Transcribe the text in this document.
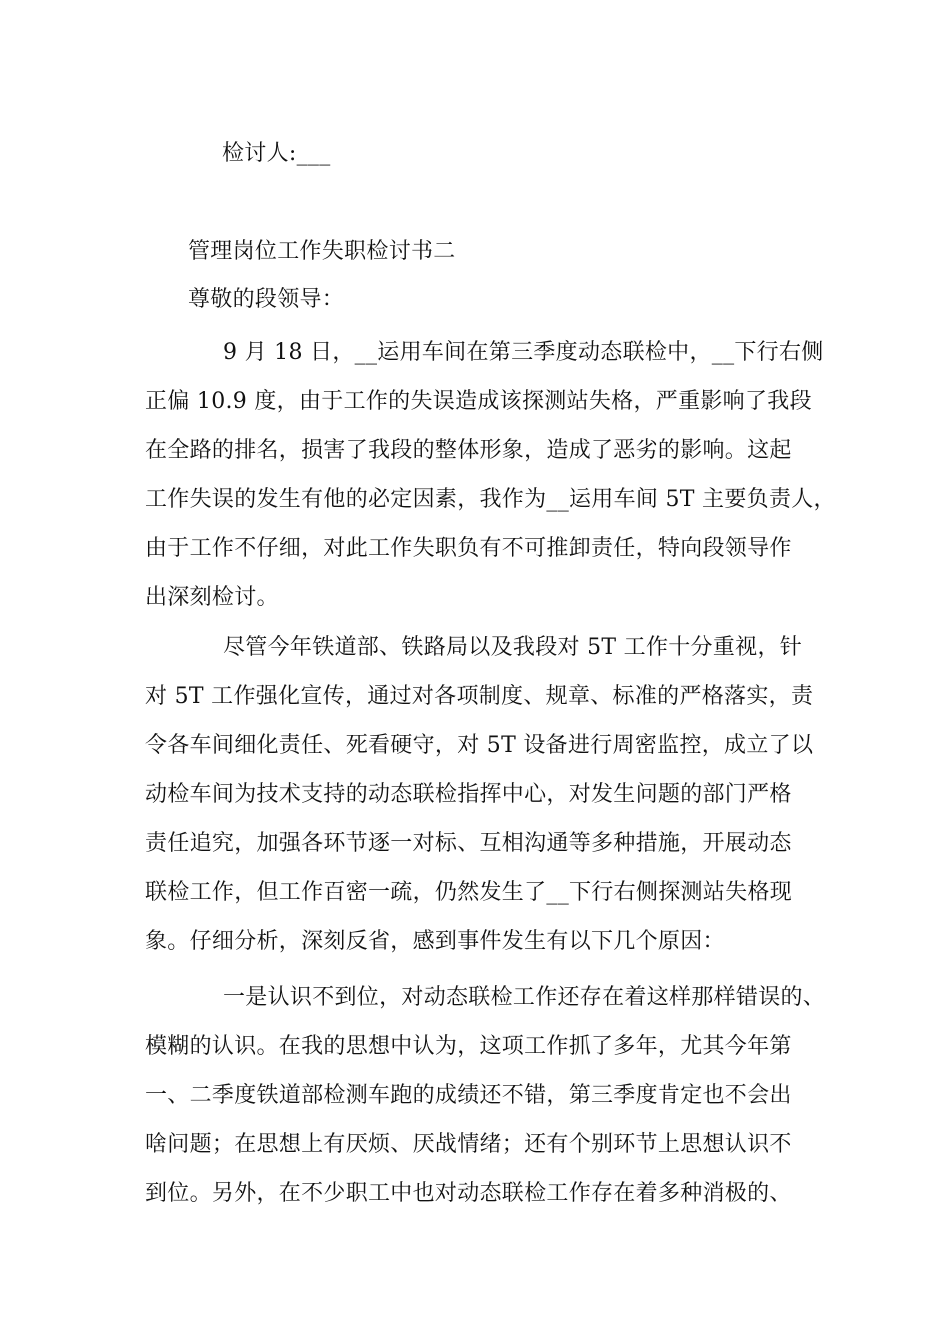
检讨人:___
管理岗位工作失职检讨书二
尊敬的段领导：
9 月 18 日，__运用车间在第三季度动态联检中，__下行右侧
正偏 10.9 度，由于工作的失误造成该探测站失格，严重影响了我段
在全路的排名，损害了我段的整体形象，造成了恶劣的影响。这起
工作失误的发生有他的必定因素，我作为__运用车间 5T 主要负责人，
由于工作不仔细，对此工作失职负有不可推卸责任，特向段领导作
出深刻检讨。
尽管今年铁道部、铁路局以及我段对 5T 工作十分重视，针
对 5T 工作强化宣传，通过对各项制度、规章、标准的严格落实，责
令各车间细化责任、死看硬守，对 5T 设备进行周密监控，成立了以
动检车间为技术支持的动态联检指挥中心，对发生问题的部门严格
责任追究，加强各环节逐一对标、互相沟通等多种措施，开展动态
联检工作，但工作百密一疏，仍然发生了__下行右侧探测站失格现
象。仔细分析，深刻反省，感到事件发生有以下几个原因：
一是认识不到位，对动态联检工作还存在着这样那样错误的、
模糊的认识。在我的思想中认为，这项工作抓了多年，尤其今年第
一、二季度铁道部检测车跑的成绩还不错，第三季度肯定也不会出
啥问题；在思想上有厌烦、厌战情绪；还有个别环节上思想认识不
到位。另外，在不少职工中也对动态联检工作存在着多种消极的、
